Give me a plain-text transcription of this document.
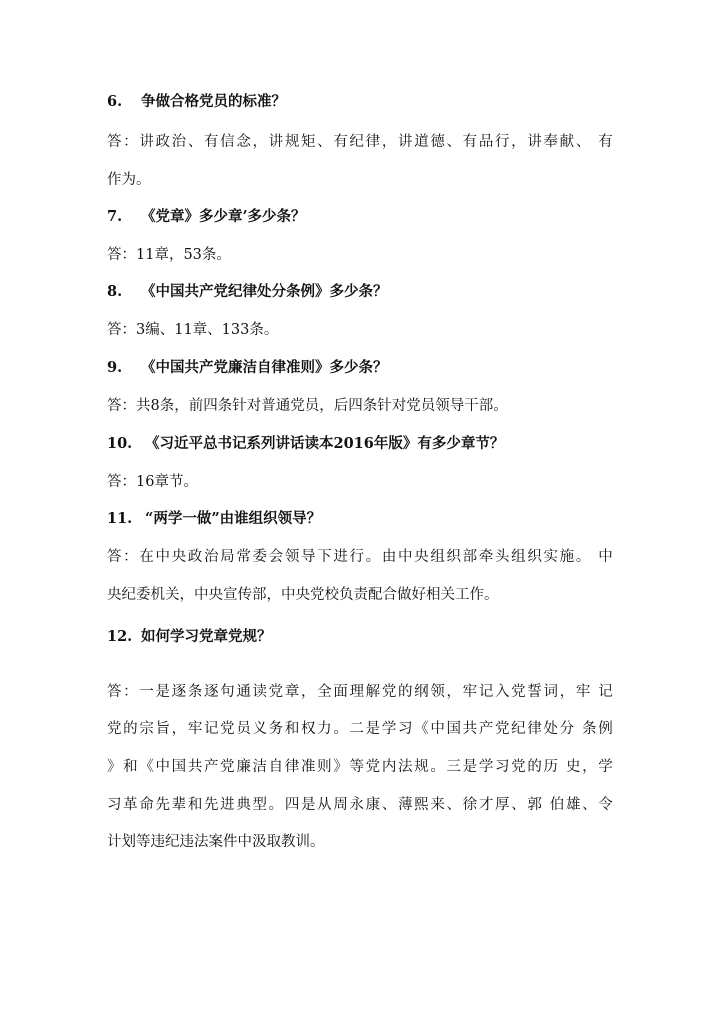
6. 争做合格党员的标准？
答：讲政治、有信念，讲规矩、有纪律，讲道德、有品行，讲奉献、 有
作为。
7. 《党章》多少章’多少条？
答：11章，53条。
8. 《中国共产党纪律处分条例》多少条？
答：3编、11章、133条。
9. 《中国共产党廉洁自律准则》多少条？
答：共8条，前四条针对普通党员，后四条针对党员领导干部。
10. 《习近平总书记系列讲话读本2016年版》有多少章节？
答：16章节。
11. “两学一做”由谁组织领导？
答：在中央政治局常委会领导下进行。由中央组织部牵头组织实施。 中
央纪委机关，中央宣传部，中央党校负责配合做好相关工作。
12. 如何学习党章党规？
答：一是逐条逐句通读党章，全面理解党的纲领，牢记入党誓词，牢 记
党的宗旨，牢记党员义务和权力。二是学习《中国共产党纪律处分 条例
》和《中国共产党廉洁自律准则》等党内法规。三是学习党的历 史，学
习革命先辈和先进典型。四是从周永康、薄熙来、徐才厚、郭 伯雄、令
计划等违纪违法案件中汲取教训。
